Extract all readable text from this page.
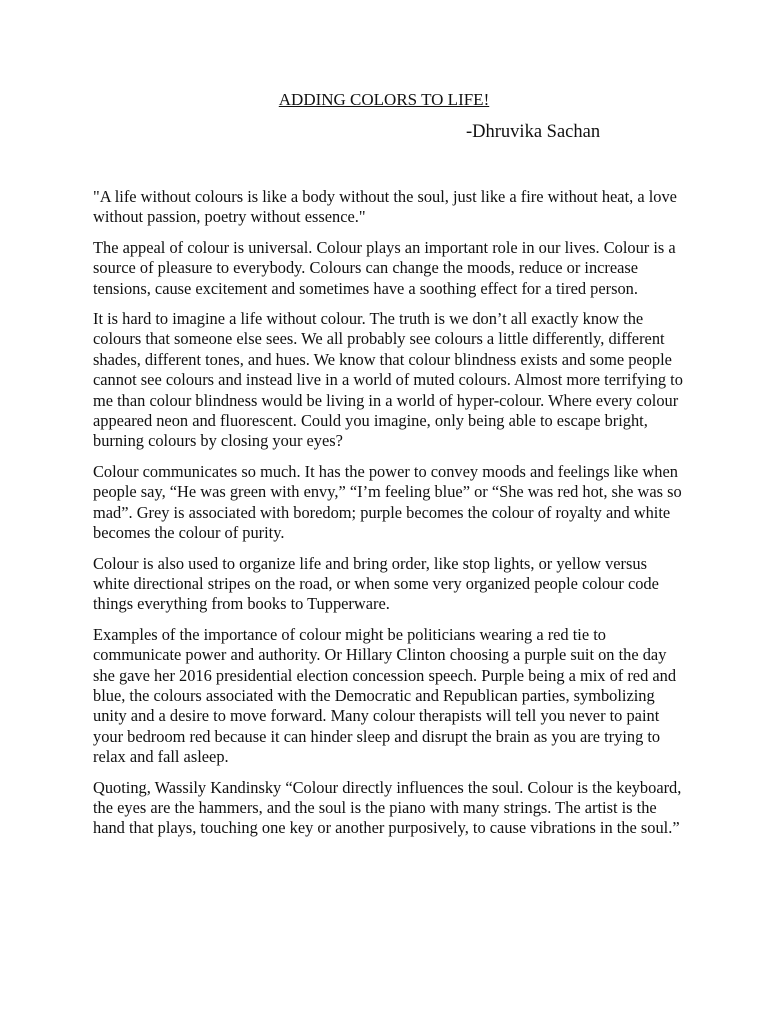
ADDING COLORS TO LIFE!

-Dhruvika Sachan

"A life without colours is like a body without the soul, just like a fire without heat, a love without passion, poetry without essence."

The appeal of colour is universal. Colour plays an important role in our lives. Colour is a source of pleasure to everybody. Colours can change the moods, reduce or increase tensions, cause excitement and sometimes have a soothing effect for a tired person.

It is hard to imagine a life without colour. The truth is we don’t all exactly know the colours that someone else sees. We all probably see colours a little differently, different shades, different tones, and hues. We know that colour blindness exists and some people cannot see colours and instead live in a world of muted colours. Almost more terrifying to me than colour blindness would be living in a world of hyper-colour. Where every colour appeared neon and fluorescent. Could you imagine, only being able to escape bright, burning colours by closing your eyes?

Colour communicates so much. It has the power to convey moods and feelings like when people say, “He was green with envy,” “I’m feeling blue” or “She was red hot, she was so mad”. Grey is associated with boredom; purple becomes the colour of royalty and white becomes the colour of purity.

Colour is also used to organize life and bring order, like stop lights, or yellow versus white directional stripes on the road, or when some very organized people colour code things everything from books to Tupperware.

Examples of the importance of colour might be politicians wearing a red tie to communicate power and authority. Or Hillary Clinton choosing a purple suit on the day she gave her 2016 presidential election concession speech. Purple being a mix of red and blue, the colours associated with the Democratic and Republican parties, symbolizing unity and a desire to move forward. Many colour therapists will tell you never to paint your bedroom red because it can hinder sleep and disrupt the brain as you are trying to relax and fall asleep.

Quoting, Wassily Kandinsky “Colour directly influences the soul. Colour is the keyboard, the eyes are the hammers, and the soul is the piano with many strings. The artist is the hand that plays, touching one key or another purposively, to cause vibrations in the soul.”
